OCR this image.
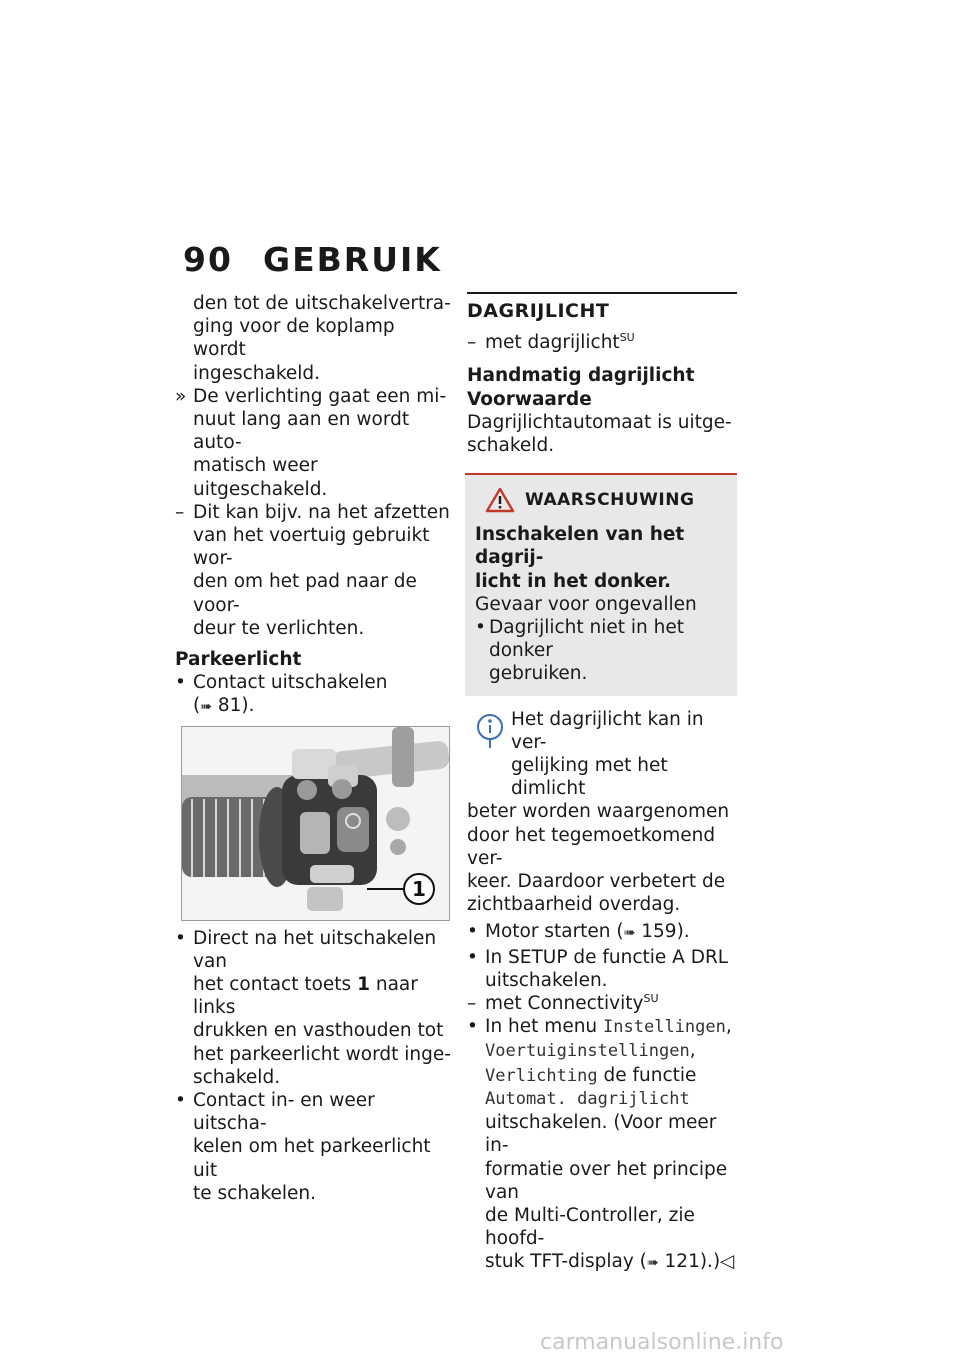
90 GEBRUIK
den tot de uitschakelvertra-
ging voor de koplamp wordt
ingeschakeld.
» De verlichting gaat een mi-
nuut lang aan en wordt auto-
matisch weer uitgeschakeld.
– Dit kan bijv. na het afzetten
van het voertuig gebruikt wor-
den om het pad naar de voor-
deur te verlichten.
Parkeerlicht
• Contact uitschakelen (➠ 81).
1
• Direct na het uitschakelen van
het contact toets 1 naar links
drukken en vasthouden tot
het parkeerlicht wordt inge-
schakeld.
• Contact in- en weer uitscha-
kelen om het parkeerlicht uit
te schakelen.
DAGRIJLICHT
– met dagrijlicht$^{SU}$
Handmatig dagrijlicht
Voorwaarde
Dagrijlichtautomaat is uitge-
schakeld.
WAARSCHUWING
Inschakelen van het dagrij-
licht in het donker.
Gevaar voor ongevallen
• Dagrijlicht niet in het donker
gebruiken.
Het dagrijlicht kan in ver-
gelijking met het dimlicht
beter worden waargenomen
door het tegemoetkomend ver-
keer. Daardoor verbetert de
zichtbaarheid overdag.
• Motor starten (➠ 159).
• In SETUP de functie A DRL
uitschakelen.
– met Connectivity$^{SU}$
• In het menu Instellingen,
Voertuiginstellingen,
Verlichting de functie
Automat. dagrijlicht
uitschakelen. (Voor meer in-
formatie over het principe van
de Multi-Controller, zie hoofd-
stuk TFT-display (➠ 121).)◁
carmanualsonline.info
